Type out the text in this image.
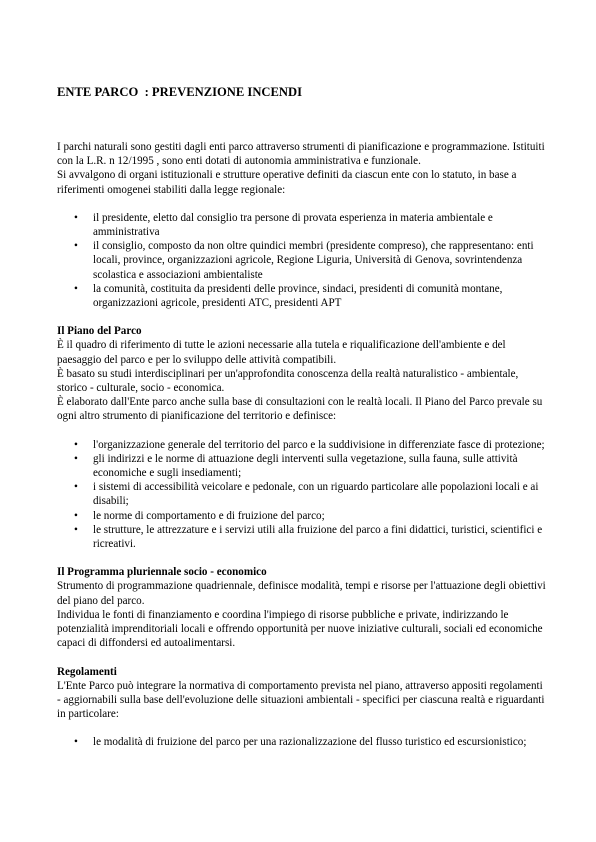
ENTE PARCO  : PREVENZIONE INCENDI

I parchi naturali sono gestiti dagli enti parco attraverso strumenti di pianificazione e programmazione. Istituiti con la L.R. n 12/1995 , sono enti dotati di autonomia amministrativa e funzionale.

Si avvalgono di organi istituzionali e strutture operative definiti da ciascun ente con lo statuto, in base a riferimenti omogenei stabiliti dalla legge regionale:

• il presidente, eletto dal consiglio tra persone di provata esperienza in materia ambientale e amministrativa
• il consiglio, composto da non oltre quindici membri (presidente compreso), che rappresentano: enti locali, province, organizzazioni agricole, Regione Liguria, Università di Genova, sovrintendenza scolastica e associazioni ambientaliste
• la comunità, costituita da presidenti delle province, sindaci, presidenti di comunità montane, organizzazioni agricole, presidenti ATC, presidenti APT

Il Piano del Parco

È il quadro di riferimento di tutte le azioni necessarie alla tutela e riqualificazione dell'ambiente e del paesaggio del parco e per lo sviluppo delle attività compatibili.

È basato su studi interdisciplinari per un'approfondita conoscenza della realtà naturalistico - ambientale, storico - culturale, socio - economica.

È elaborato dall'Ente parco anche sulla base di consultazioni con le realtà locali. Il Piano del Parco prevale su ogni altro strumento di pianificazione del territorio e definisce:

• l'organizzazione generale del territorio del parco e la suddivisione in differenziate fasce di protezione;
• gli indirizzi e le norme di attuazione degli interventi sulla vegetazione, sulla fauna, sulle attività economiche e sugli insediamenti;
• i sistemi di accessibilità veicolare e pedonale, con un riguardo particolare alle popolazioni locali e ai disabili;
• le norme di comportamento e di fruizione del parco;
• le strutture, le attrezzature e i servizi utili alla fruizione del parco a fini didattici, turistici, scientifici e ricreativi.

Il Programma pluriennale socio - economico

Strumento di programmazione quadriennale, definisce modalità, tempi e risorse per l'attuazione degli obiettivi del piano del parco.

Individua le fonti di finanziamento e coordina l'impiego di risorse pubbliche e private, indirizzando le potenzialità imprenditoriali locali e offrendo opportunità per nuove iniziative culturali, sociali ed economiche capaci di diffondersi ed autoalimentarsi.

Regolamenti

L'Ente Parco può integrare la normativa di comportamento prevista nel piano, attraverso appositi regolamenti - aggiornabili sulla base dell'evoluzione delle situazioni ambientali - specifici per ciascuna realtà e riguardanti in particolare:

• le modalità di fruizione del parco per una razionalizzazione del flusso turistico ed escursionistico;
